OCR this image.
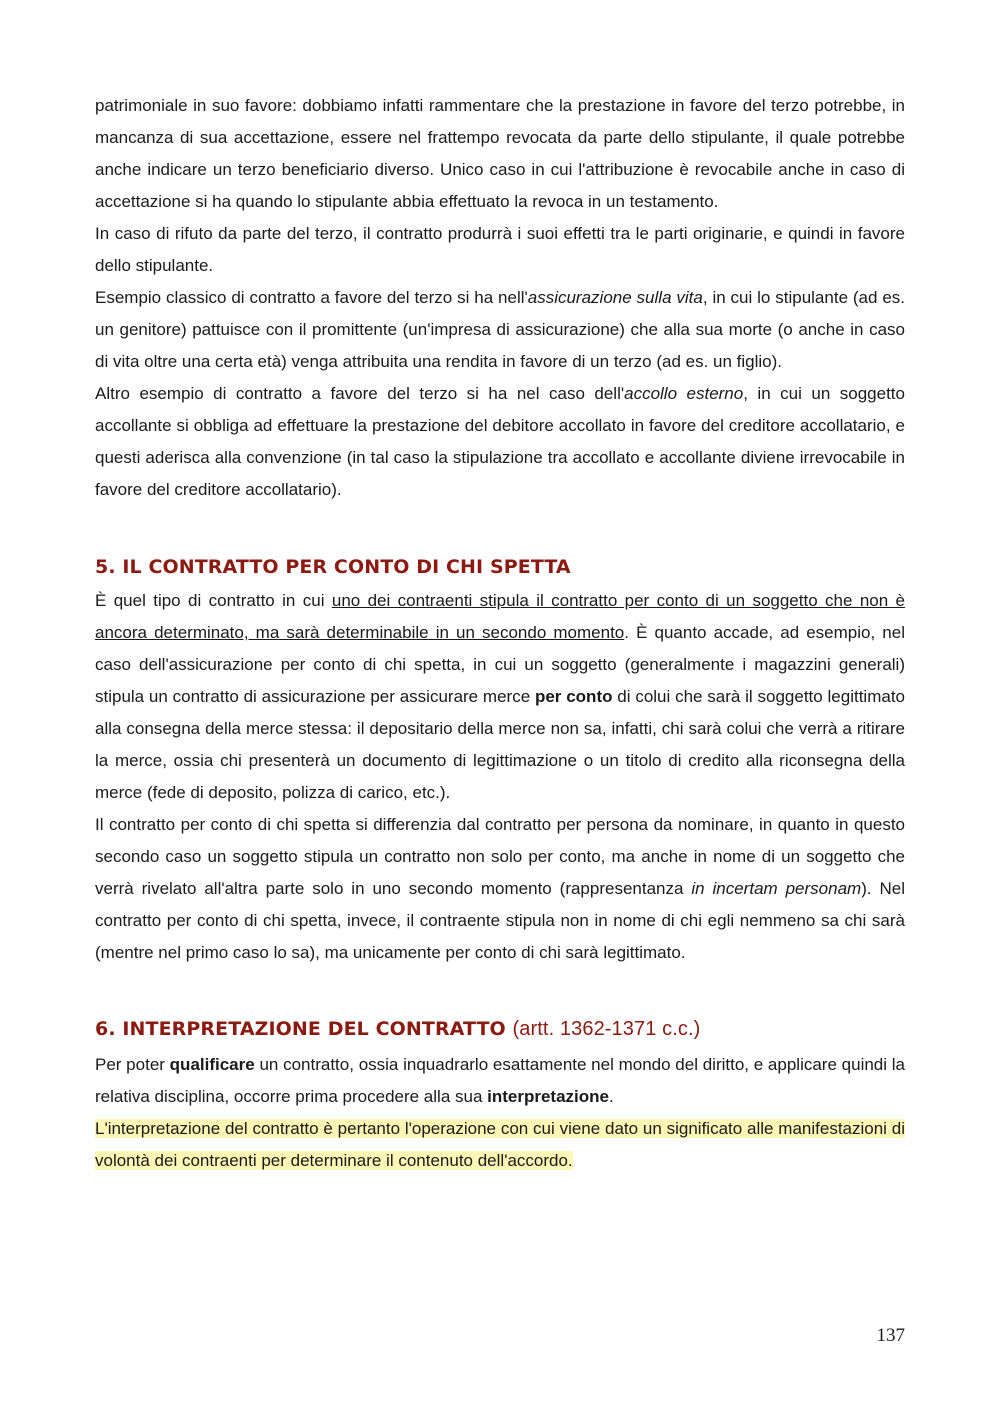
patrimoniale in suo favore: dobbiamo infatti rammentare che la prestazione in favore del terzo potrebbe, in mancanza di sua accettazione, essere nel frattempo revocata da parte dello stipulante, il quale potrebbe anche indicare un terzo beneficiario diverso. Unico caso in cui l'attribuzione è revocabile anche in caso di accettazione si ha quando lo stipulante abbia effettuato la revoca in un testamento.

In caso di rifuto da parte del terzo, il contratto produrrà i suoi effetti tra le parti originarie, e quindi in favore dello stipulante.

Esempio classico di contratto a favore del terzo si ha nell'assicurazione sulla vita, in cui lo stipulante (ad es. un genitore) pattuisce con il promittente (un'impresa di assicurazione) che alla sua morte (o anche in caso di vita oltre una certa età) venga attribuita una rendita in favore di un terzo (ad es. un figlio).

Altro esempio di contratto a favore del terzo si ha nel caso dell'accollo esterno, in cui un soggetto accollante si obbliga ad effettuare la prestazione del debitore accollato in favore del creditore accollatario, e questi aderisca alla convenzione (in tal caso la stipulazione tra accollato e accollante diviene irrevocabile in favore del creditore accollatario).

5. IL CONTRATTO PER CONTO DI CHI SPETTA

È quel tipo di contratto in cui uno dei contraenti stipula il contratto per conto di un soggetto che non è ancora determinato, ma sarà determinabile in un secondo momento. È quanto accade, ad esempio, nel caso dell'assicurazione per conto di chi spetta, in cui un soggetto (generalmente i magazzini generali) stipula un contratto di assicurazione per assicurare merce per conto di colui che sarà il soggetto legittimato alla consegna della merce stessa: il depositario della merce non sa, infatti, chi sarà colui che verrà a ritirare la merce, ossia chi presenterà un documento di legittimazione o un titolo di credito alla riconsegna della merce (fede di deposito, polizza di carico, etc.).

Il contratto per conto di chi spetta si differenzia dal contratto per persona da nominare, in quanto in questo secondo caso un soggetto stipula un contratto non solo per conto, ma anche in nome di un soggetto che verrà rivelato all'altra parte solo in uno secondo momento (rappresentanza in incertam personam). Nel contratto per conto di chi spetta, invece, il contraente stipula non in nome di chi egli nemmeno sa chi sarà (mentre nel primo caso lo sa), ma unicamente per conto di chi sarà legittimato.

6. INTERPRETAZIONE DEL CONTRATTO (artt. 1362-1371 c.c.)

Per poter qualificare un contratto, ossia inquadrarlo esattamente nel mondo del diritto, e applicare quindi la relativa disciplina, occorre prima procedere alla sua interpretazione.

L'interpretazione del contratto è pertanto l'operazione con cui viene dato un significato alle manifestazioni di volontà dei contraenti per determinare il contenuto dell'accordo.

137
